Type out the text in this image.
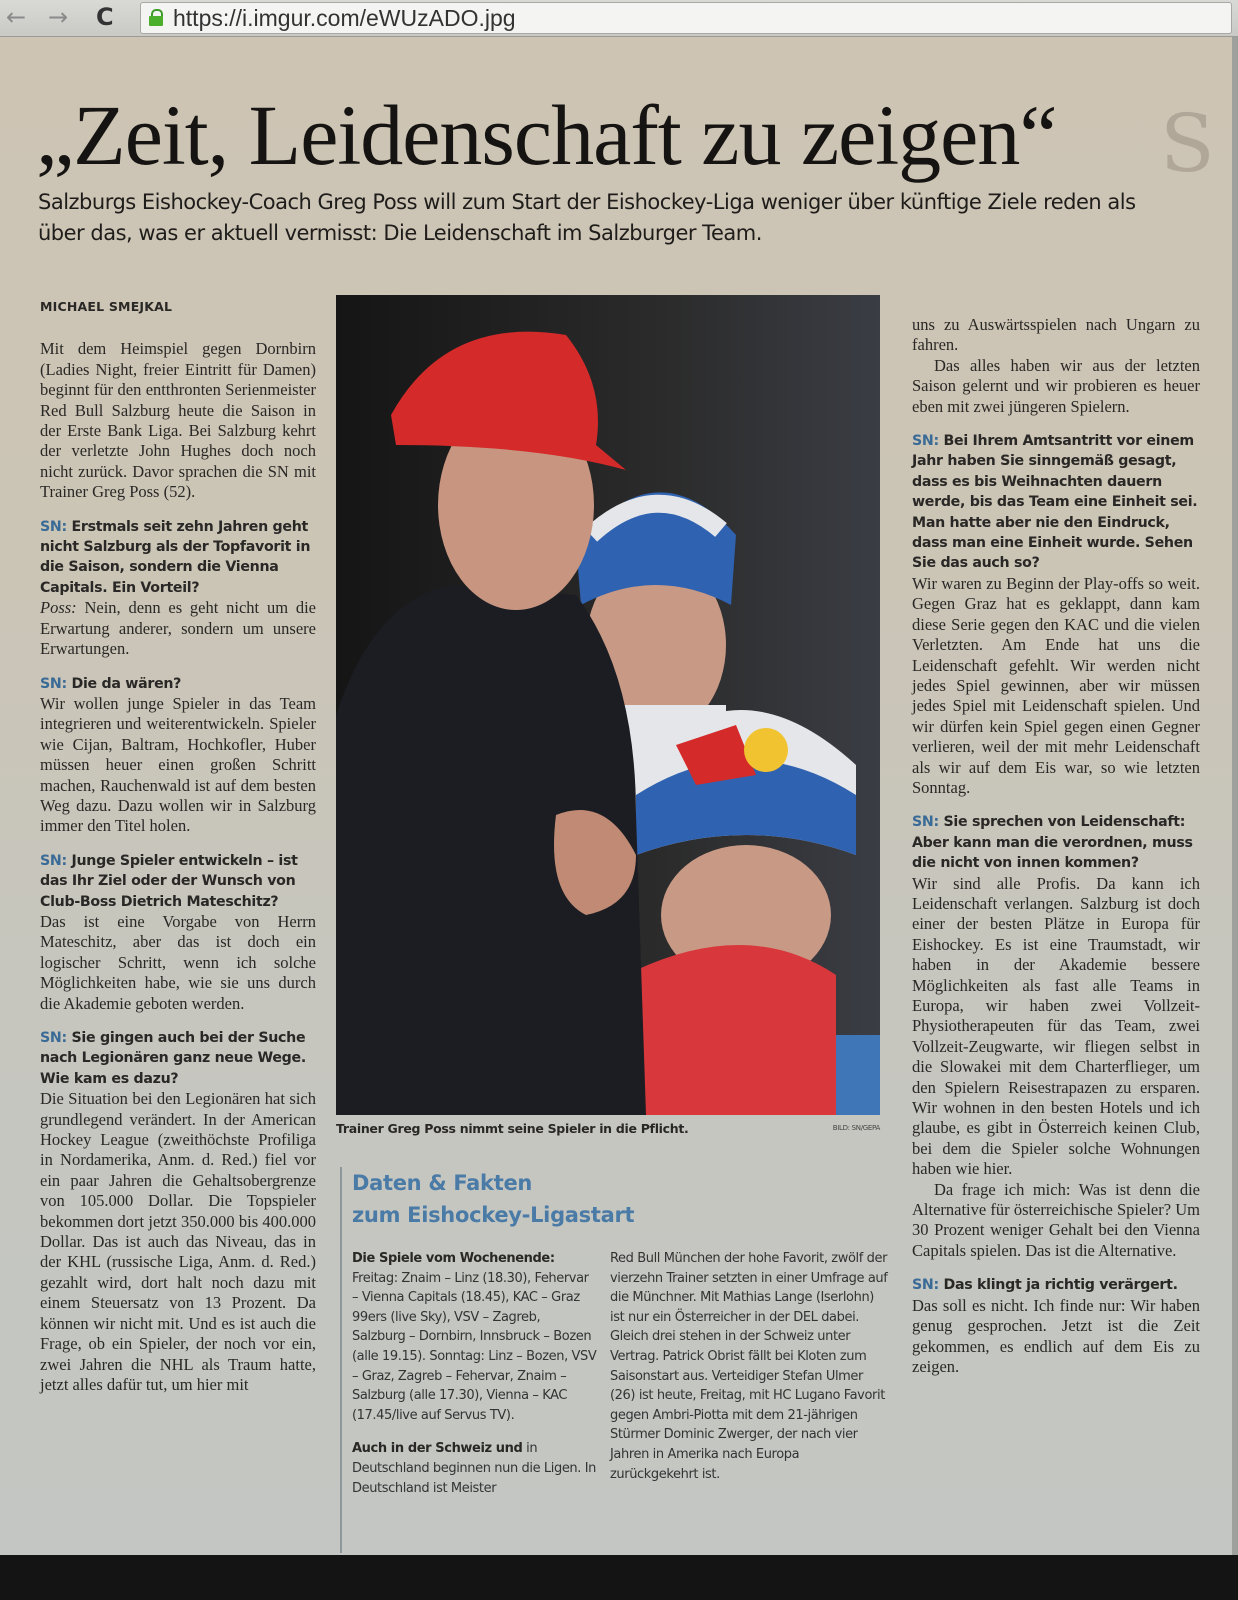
← → C	https://i.imgur.com/eWUzADO.jpg
S
„Zeit, Leidenschaft zu zeigen“
Salzburgs Eishockey-Coach Greg Poss will zum Start der Eishockey-Liga weniger über künftige Ziele reden als über das, was er aktuell vermisst: Die Leidenschaft im Salzburger Team.

MICHAEL SMEJKAL

Mit dem Heimspiel gegen Dornbirn (Ladies Night, freier Eintritt für Damen) beginnt für den entthronten Serienmeister Red Bull Salzburg heute die Saison in der Erste Bank Liga. Bei Salzburg kehrt der verletzte John Hughes doch noch nicht zurück. Davor sprachen die SN mit Trainer Greg Poss (52).

SN: Erstmals seit zehn Jahren geht nicht Salzburg als der Topfavorit in die Saison, sondern die Vienna Capitals. Ein Vorteil?

Poss: Nein, denn es geht nicht um die Erwartung anderer, sondern um unsere Erwartungen.

SN: Die da wären?

Wir wollen junge Spieler in das Team integrieren und weiterentwickeln. Spieler wie Cijan, Baltram, Hochkofler, Huber müssen heuer einen großen Schritt machen, Rauchenwald ist auf dem besten Weg dazu. Dazu wollen wir in Salzburg immer den Titel holen.

SN: Junge Spieler entwickeln – ist das Ihr Ziel oder der Wunsch von Club-Boss Dietrich Mateschitz?

Das ist eine Vorgabe von Herrn Mateschitz, aber das ist doch ein logischer Schritt, wenn ich solche Möglichkeiten habe, wie sie uns durch die Akademie geboten werden.

SN: Sie gingen auch bei der Suche nach Legionären ganz neue Wege. Wie kam es dazu?

Die Situation bei den Legionären hat sich grundlegend verändert. In der American Hockey League (zweithöchste Profiliga in Nordamerika, Anm. d. Red.) fiel vor ein paar Jahren die Gehaltsobergrenze von 105.000 Dollar. Die Topspieler bekommen dort jetzt 350.000 bis 400.000 Dollar. Das ist auch das Niveau, das in der KHL (russische Liga, Anm. d. Red.) gezahlt wird, dort halt noch dazu mit einem Steuersatz von 13 Prozent. Da können wir nicht mit. Und es ist auch die Frage, ob ein Spieler, der noch vor ein, zwei Jahren die NHL als Traum hatte, jetzt alles dafür tut, um hier mit

Trainer Greg Poss nimmt seine Spieler in die Pflicht.	BILD: SN/GEPA
Daten & Fakten
zum Eishockey-Ligastart

Die Spiele vom Wochenende:

Freitag: Znaim – Linz (18.30), Fehervar – Vienna Capitals (18.45), KAC – Graz 99ers (live Sky), VSV – Zagreb, Salzburg – Dornbirn, Innsbruck – Bozen (alle 19.15). Sonntag: Linz – Bozen, VSV – Graz, Zagreb – Fehervar, Znaim – Salzburg (alle 17.30), Vienna – KAC (17.45/live auf Servus TV).

Auch in der Schweiz und in Deutschland beginnen nun die Ligen. In Deutschland ist Meister

Red Bull München der hohe Favorit, zwölf der vierzehn Trainer setzten in einer Umfrage auf die Münchner. Mit Mathias Lange (Iserlohn) ist nur ein Österreicher in der DEL dabei. Gleich drei stehen in der Schweiz unter Vertrag. Patrick Obrist fällt bei Kloten zum Saisonstart aus. Verteidiger Stefan Ulmer (26) ist heute, Freitag, mit HC Lugano Favorit gegen Ambri-Piotta mit dem 21-jährigen Stürmer Dominic Zwerger, der nach vier Jahren in Amerika nach Europa zurückgekehrt ist.

uns zu Auswärtsspielen nach Ungarn zu fahren.

Das alles haben wir aus der letzten Saison gelernt und wir probieren es heuer eben mit zwei jüngeren Spielern.

SN: Bei Ihrem Amtsantritt vor einem Jahr haben Sie sinngemäß gesagt, dass es bis Weihnachten dauern werde, bis das Team eine Einheit sei. Man hatte aber nie den Eindruck, dass man eine Einheit wurde. Sehen Sie das auch so?

Wir waren zu Beginn der Play-offs so weit. Gegen Graz hat es geklappt, dann kam diese Serie gegen den KAC und die vielen Verletzten. Am Ende hat uns die Leidenschaft gefehlt. Wir werden nicht jedes Spiel gewinnen, aber wir müssen jedes Spiel mit Leidenschaft spielen. Und wir dürfen kein Spiel gegen einen Gegner verlieren, weil der mit mehr Leidenschaft als wir auf dem Eis war, so wie letzten Sonntag.

SN: Sie sprechen von Leidenschaft: Aber kann man die verordnen, muss die nicht von innen kommen?

Wir sind alle Profis. Da kann ich Leidenschaft verlangen. Salzburg ist doch einer der besten Plätze in Europa für Eishockey. Es ist eine Traumstadt, wir haben in der Akademie bessere Möglichkeiten als fast alle Teams in Europa, wir haben zwei Vollzeit-Physiotherapeuten für das Team, zwei Vollzeit-Zeugwarte, wir fliegen selbst in die Slowakei mit dem Charterflieger, um den Spielern Reisestrapazen zu ersparen. Wir wohnen in den besten Hotels und ich glaube, es gibt in Österreich keinen Club, bei dem die Spieler solche Wohnungen haben wie hier.

Da frage ich mich: Was ist denn die Alternative für österreichische Spieler? Um 30 Prozent weniger Gehalt bei den Vienna Capitals spielen. Das ist die Alternative.

SN: Das klingt ja richtig verärgert.

Das soll es nicht. Ich finde nur: Wir haben genug gesprochen. Jetzt ist die Zeit gekommen, es endlich auf dem Eis zu zeigen.
